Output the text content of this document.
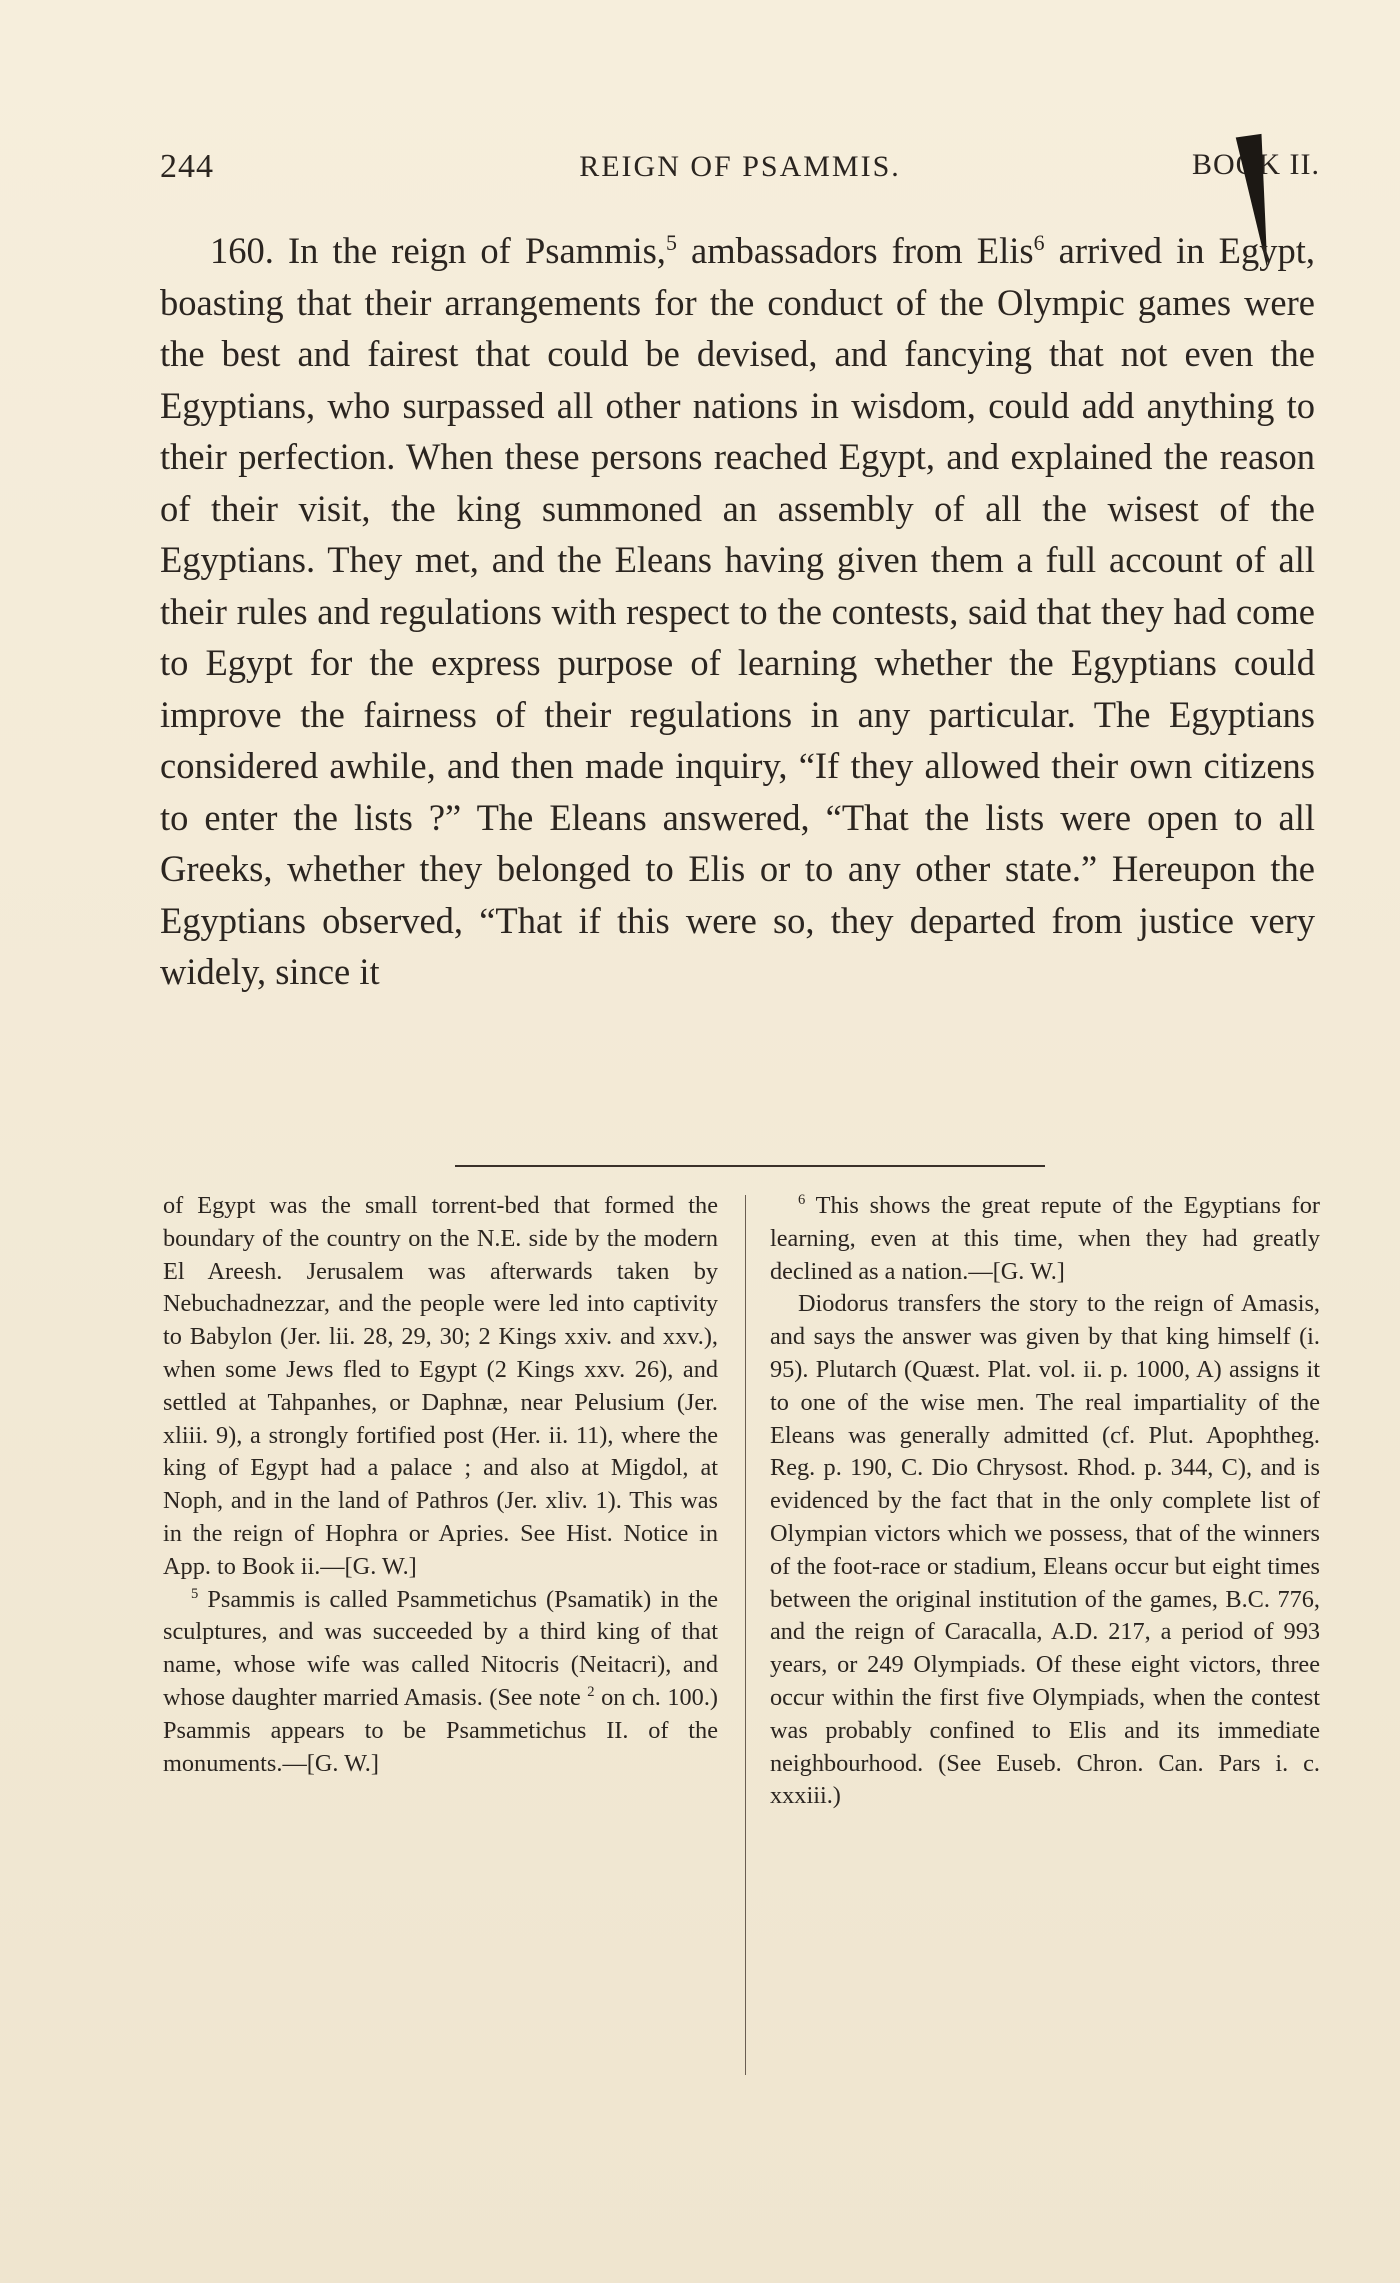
244	REIGN OF PSAMMIS.	BOOK II.

160. In the reign of Psammis,$^5$ ambassadors from Elis$^6$ arrived in Egypt, boasting that their arrangements for the conduct of the Olympic games were the best and fairest that could be devised, and fancying that not even the Egyptians, who surpassed all other nations in wisdom, could add anything to their perfection. When these persons reached Egypt, and explained the reason of their visit, the king summoned an assembly of all the wisest of the Egyptians. They met, and the Eleans having given them a full account of all their rules and regulations with respect to the contests, said that they had come to Egypt for the express purpose of learning whether the Egyptians could improve the fairness of their regulations in any particular. The Egyptians considered awhile, and then made inquiry, “If they allowed their own citizens to enter the lists ?” The Eleans answered, “That the lists were open to all Greeks, whether they belonged to Elis or to any other state.” Hereupon the Egyptians observed, “That if this were so, they departed from justice very widely, since it

of Egypt was the small torrent-bed that formed the boundary of the country on the N.E. side by the modern El Areesh. Jerusalem was afterwards taken by Nebuchadnezzar, and the people were led into captivity to Babylon (Jer. lii. 28, 29, 30; 2 Kings xxiv. and xxv.), when some Jews fled to Egypt (2 Kings xxv. 26), and settled at Tahpanhes, or Daphnæ, near Pelusium (Jer. xliii. 9), a strongly fortified post (Her. ii. 11), where the king of Egypt had a palace ; and also at Migdol, at Noph, and in the land of Pathros (Jer. xliv. 1). This was in the reign of Hophra or Apries. See Hist. Notice in App. to Book ii.—[G. W.]

$^5$ Psammis is called Psammetichus (Psamatik) in the sculptures, and was succeeded by a third king of that name, whose wife was called Nitocris (Neitacri), and whose daughter married Amasis. (See note $^2$ on ch. 100.) Psammis appears to be Psammetichus II. of the monuments.—[G. W.]

$^6$ This shows the great repute of the Egyptians for learning, even at this time, when they had greatly declined as a nation.—[G. W.]

Diodorus transfers the story to the reign of Amasis, and says the answer was given by that king himself (i. 95). Plutarch (Quæst. Plat. vol. ii. p. 1000, A) assigns it to one of the wise men. The real impartiality of the Eleans was generally admitted (cf. Plut. Apophtheg. Reg. p. 190, C. Dio Chrysost. Rhod. p. 344, C), and is evidenced by the fact that in the only complete list of Olympian victors which we possess, that of the winners of the foot-race or stadium, Eleans occur but eight times between the original institution of the games, B.C. 776, and the reign of Caracalla, A.D. 217, a period of 993 years, or 249 Olympiads. Of these eight victors, three occur within the first five Olympiads, when the contest was probably confined to Elis and its immediate neighbourhood. (See Euseb. Chron. Can. Pars i. c. xxxiii.)
